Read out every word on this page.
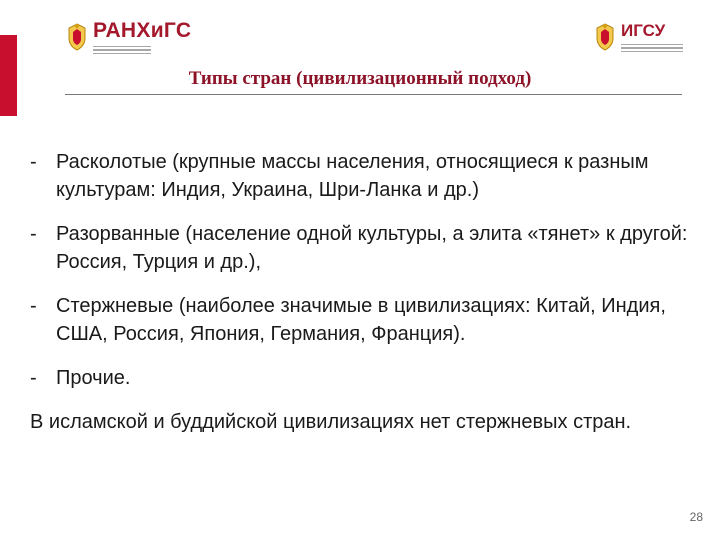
РАНХиГС	ИГСУ
Типы стран (цивилизационный подход)
- Расколотые (крупные массы населения, относящиеся к разным культурам: Индия, Украина, Шри-Ланка и др.)
- Разорванные (население одной культуры, а элита «тянет» к другой: Россия, Турция и др.),
- Стержневые (наиболее значимые в цивилизациях: Китай, Индия, США, Россия, Япония, Германия, Франция).
- Прочие.
В исламской и буддийской цивилизациях нет стержневых стран.
28
